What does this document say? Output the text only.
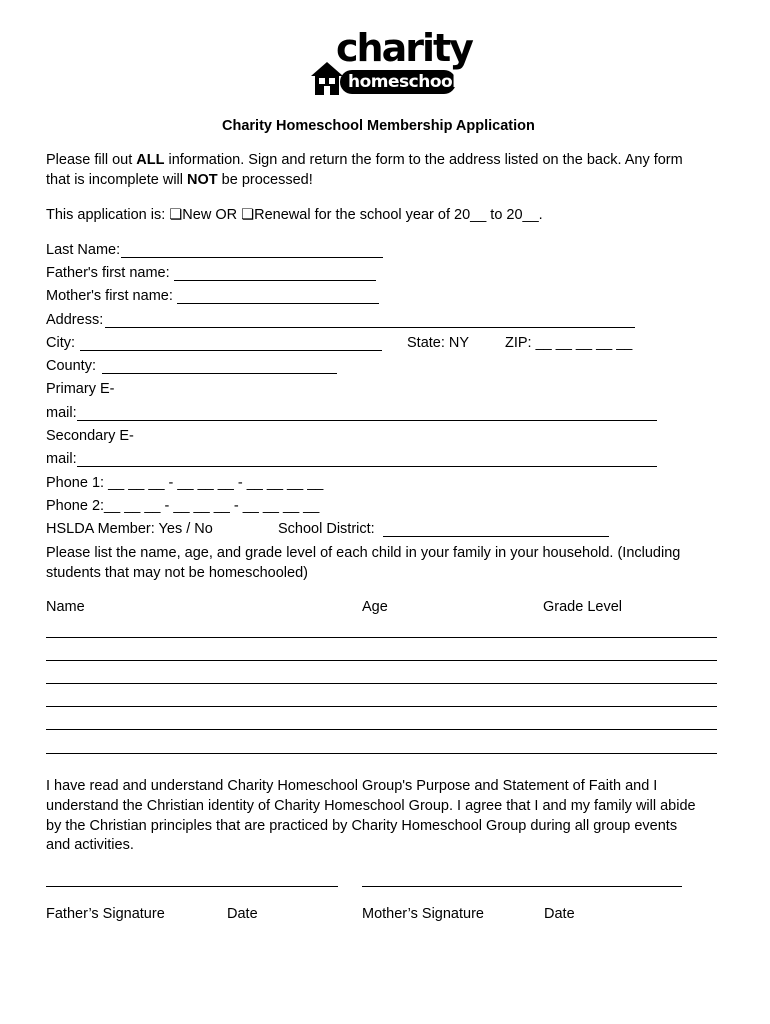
charity
homeschool
Charity Homeschool Membership Application
Please fill out ALL information. Sign and return the form to the address listed on the back. Any form
that is incomplete will NOT be processed!
This application is: ❏New OR ❏Renewal for the school year of 20__ to 20__.
Last Name:
Father's first name:
Mother's first name:
Address:
City:	State: NY ZIP: __ __ __ __ __
County:
Primary E-
mail:
Secondary E-
mail:
Phone 1: __ __ __ - __ __ __ - __ __ __ __
Phone 2:__ __ __ - __ __ __ - __ __ __ __
HSLDA Member: Yes / No	School District:
Please list the name, age, and grade level of each child in your family in your household. (Including
students that may not be homeschooled)
Name	Age	Grade Level
I have read and understand Charity Homeschool Group's Purpose and Statement of Faith and I
understand the Christian identity of Charity Homeschool Group. I agree that I and my family will abide
by the Christian principles that are practiced by Charity Homeschool Group during all group events
and activities.
Father’s Signature	Date	Mother’s Signature	Date
